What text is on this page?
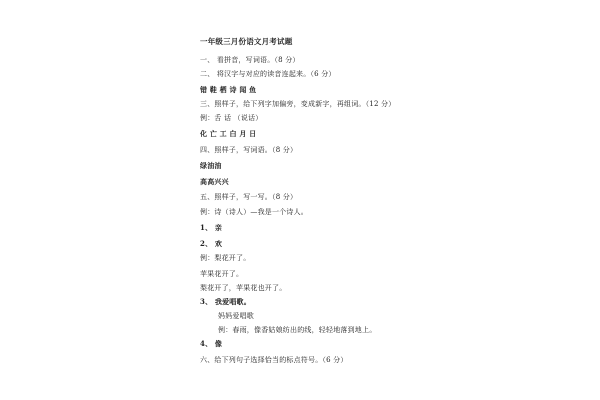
一年级三月份语文月考试题
一、 看拼音，写词语。（8 分）
二、 将汉字与对应的读音连起来。（6 分）
错 鞋 栖 诗 闻 鱼
三、照样子，给下列字加偏旁，变成新字，再组词。（12 分）
例：舌 话 （说话）
化 亡 工 白 月 日
四、照样子，写词语。（8 分）
绿油油
高高兴兴
五、照样子，写一写。（8 分）
例：诗（诗人）—我是一个诗人。
1、 亲
2、 欢
例：梨花开了。
苹果花开了。
梨花开了，苹果花也开了。
3、 我爱唱歌。
妈妈爱唱歌
例：春雨，像香姑娘纺出的线，轻轻地落到地上。
4、 像
六、给下列句子选择恰当的标点符号。（6 分）
